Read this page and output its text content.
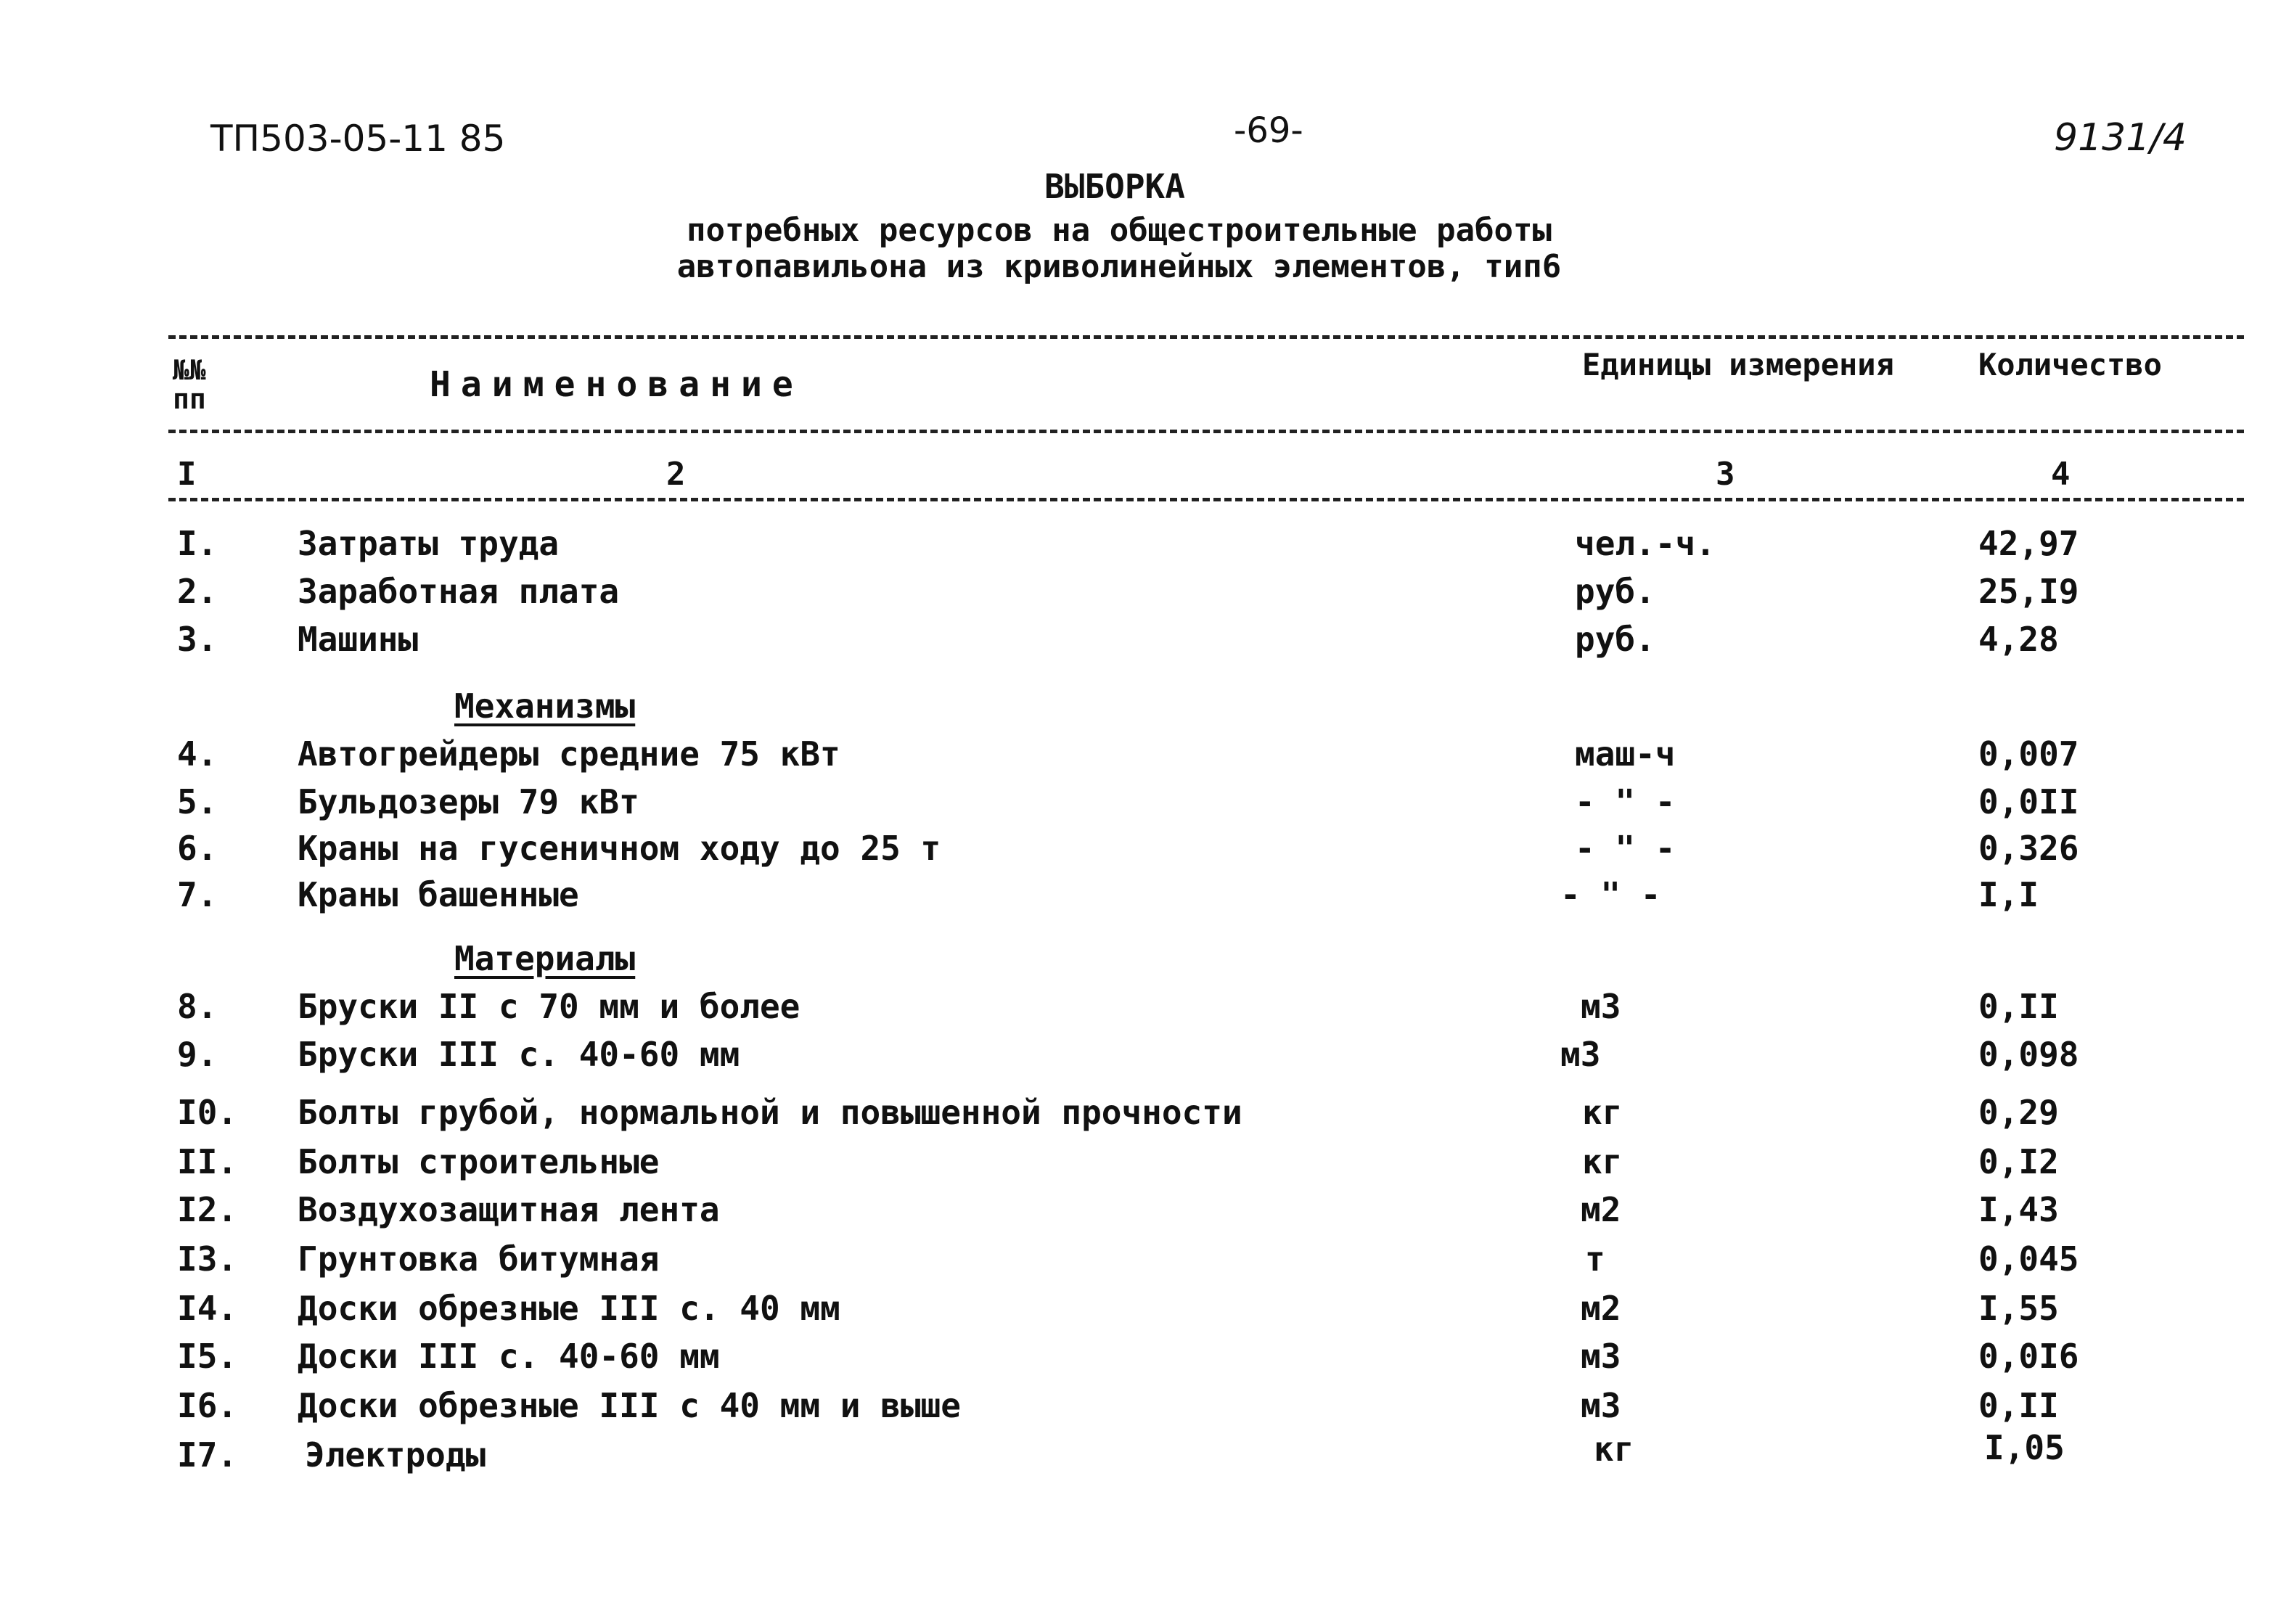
ТП503-05-11 85	-69-	9131/4
ВЫБОРКА
потребных ресурсов на общестроительные работы
автопавильона из криволинейных элементов, тип6
№№
пп	Наименование	Единицы измерения	Количество
I	2	3	4
I. Затраты труда	чел.-ч.	42,97
2. Заработная плата	руб.	25,I9
3. Машины	руб.	4,28
Механизмы
4. Автогрейдеры средние 75 кВт	маш-ч	0,007
5. Бульдозеры 79 кВт	- " -	0,0II
6. Краны на гусеничном ходу до 25 т	- " -	0,326
7. Краны башенные	- " -	I,I
Материалы
8. Бруски II с 70 мм и более	м3	0,II
9. Бруски III с. 40-60 мм	м3	0,098
I0. Болты грубой, нормальной и повышенной прочности	кг	0,29
II. Болты строительные	кг	0,I2
I2. Воздухозащитная лента	м2	I,43
I3. Грунтовка битумная	т	0,045
I4. Доски обрезные III с. 40 мм	м2	I,55
I5. Доски III с. 40-60 мм	м3	0,0I6
I6. Доски обрезные III с 40 мм и выше	м3	0,II
I7. Электроды	кг	I,05
